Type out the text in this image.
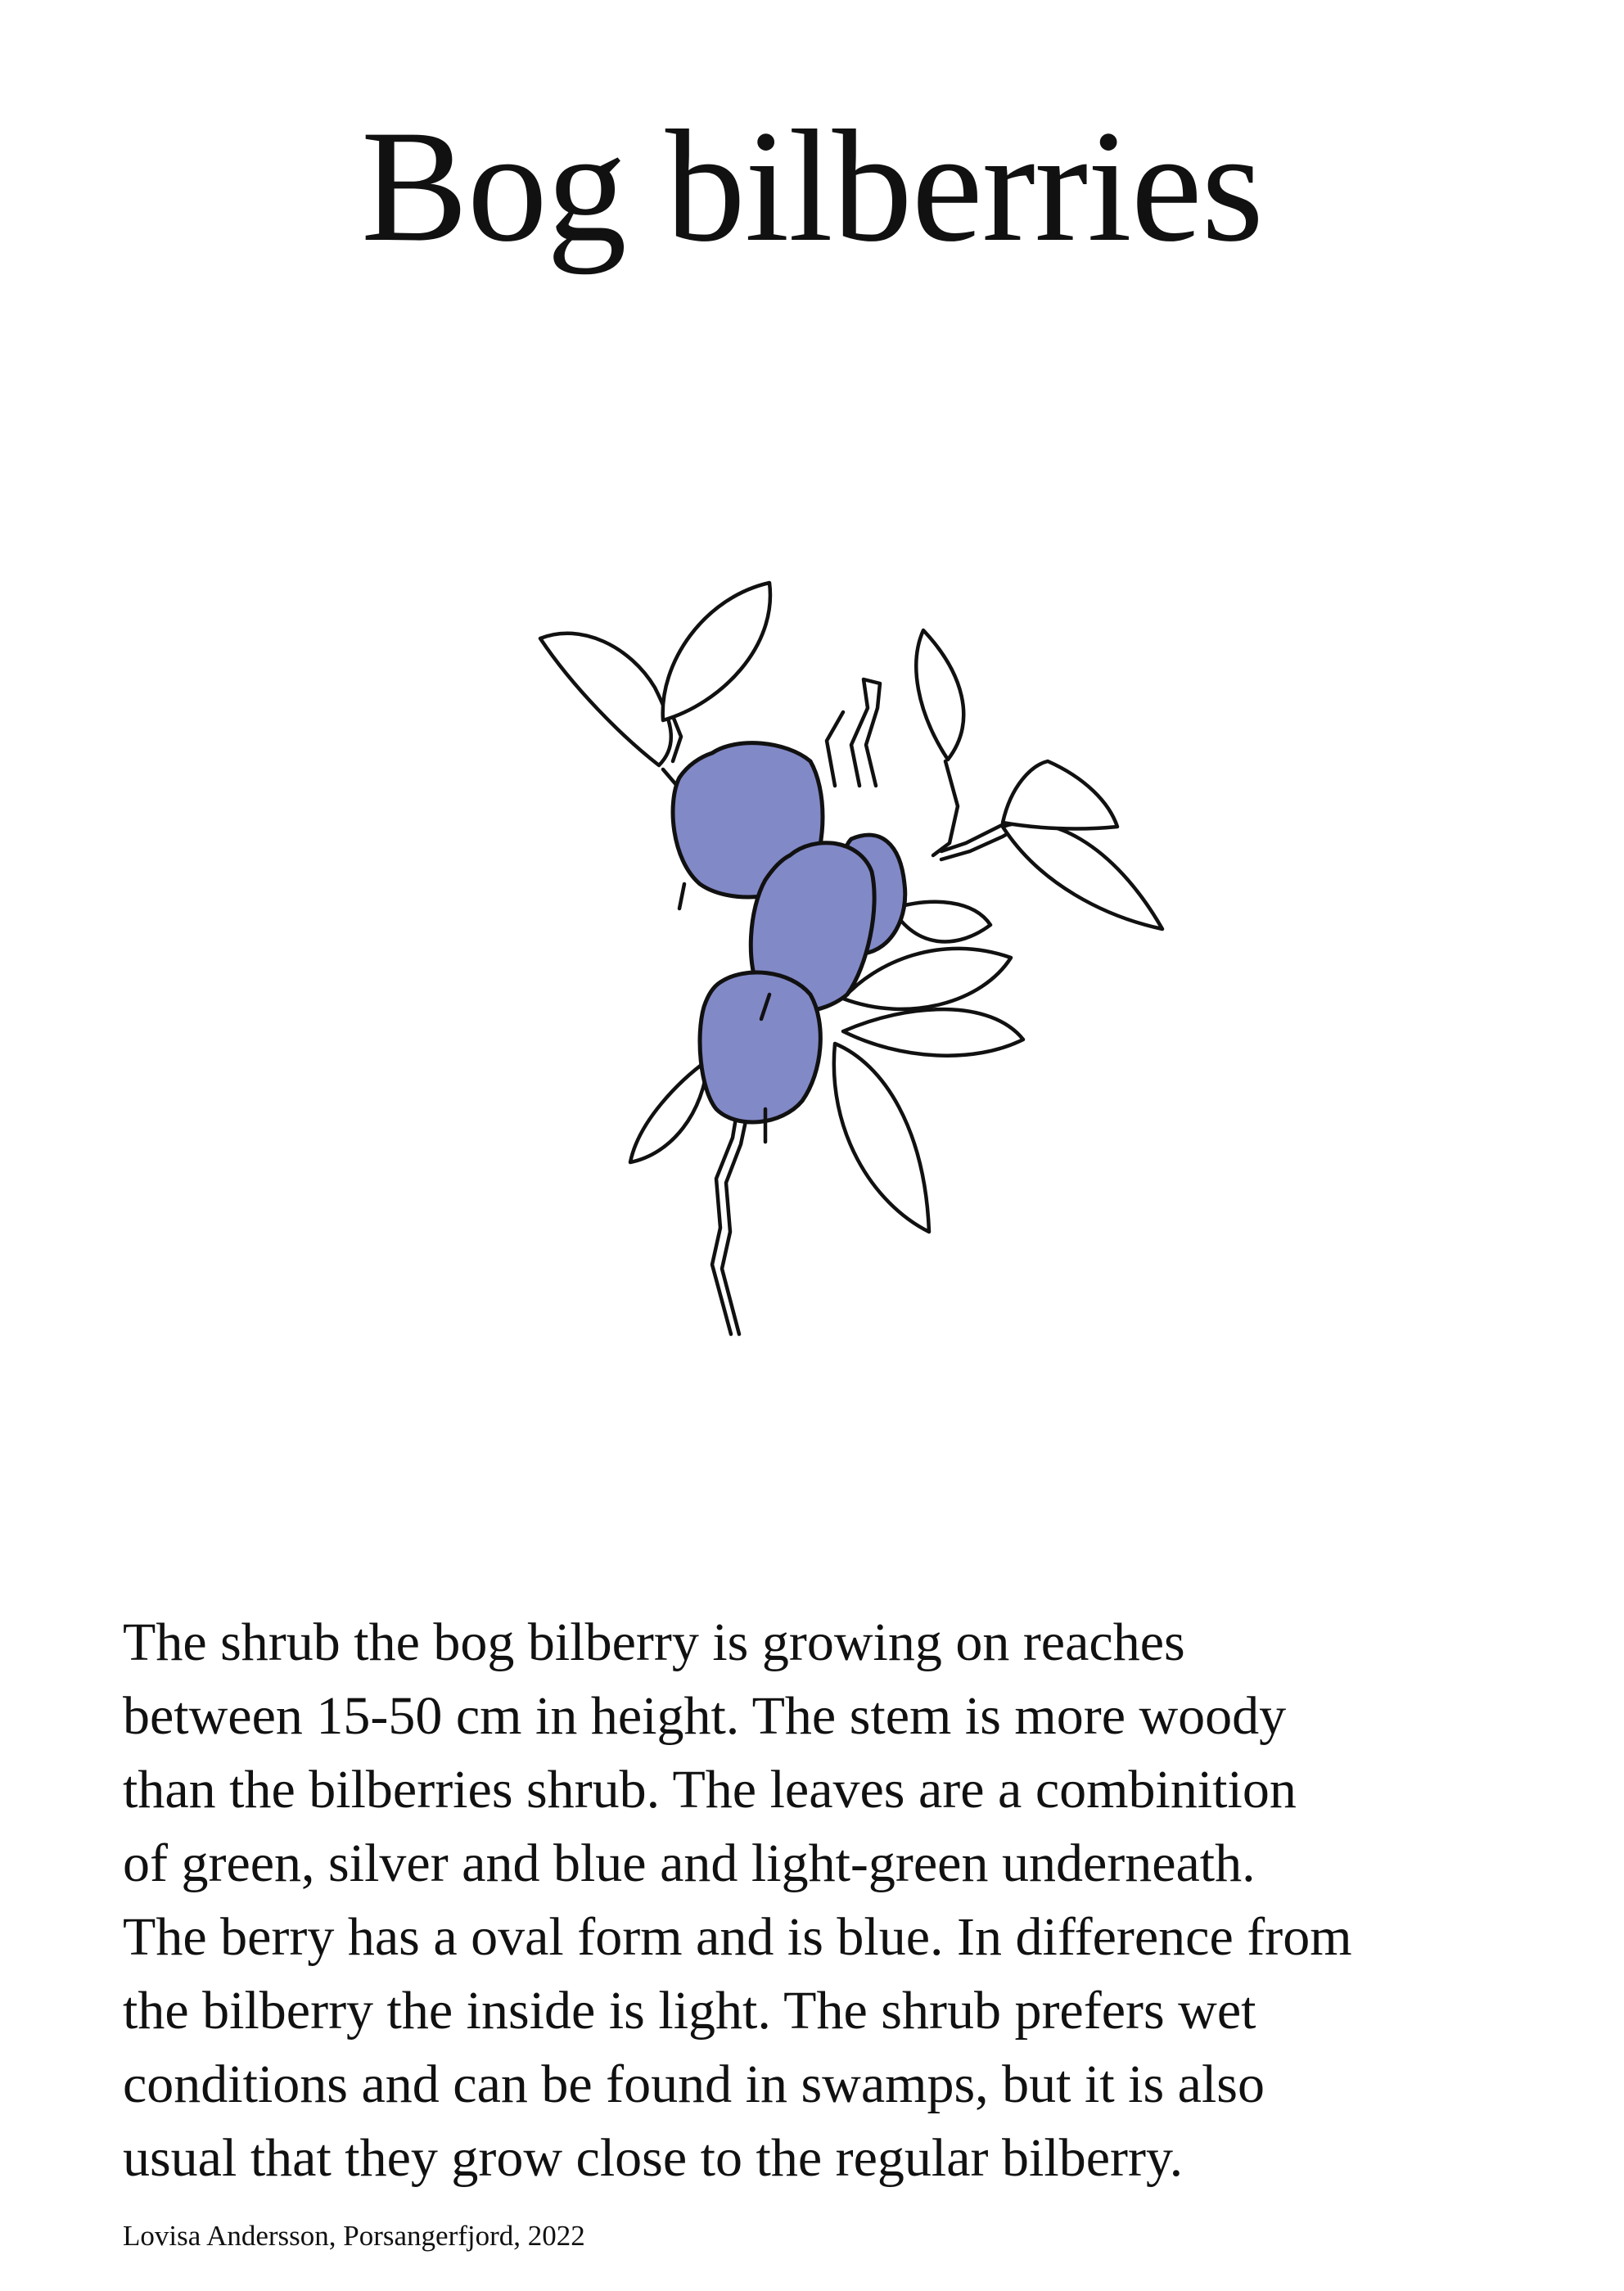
Bog bilberries

The shrub the bog bilberry is growing on reaches
between 15-50 cm in height. The stem is more woody
than the bilberries shrub. The leaves are a combinition
of green, silver and blue and light-green underneath.
The berry has a oval form and is blue. In difference from
the bilberry the inside is light. The shrub prefers wet
conditions and can be found in swamps, but it is also
usual that they grow close to the regular bilberry.

Lovisa Andersson, Porsangerfjord, 2022
